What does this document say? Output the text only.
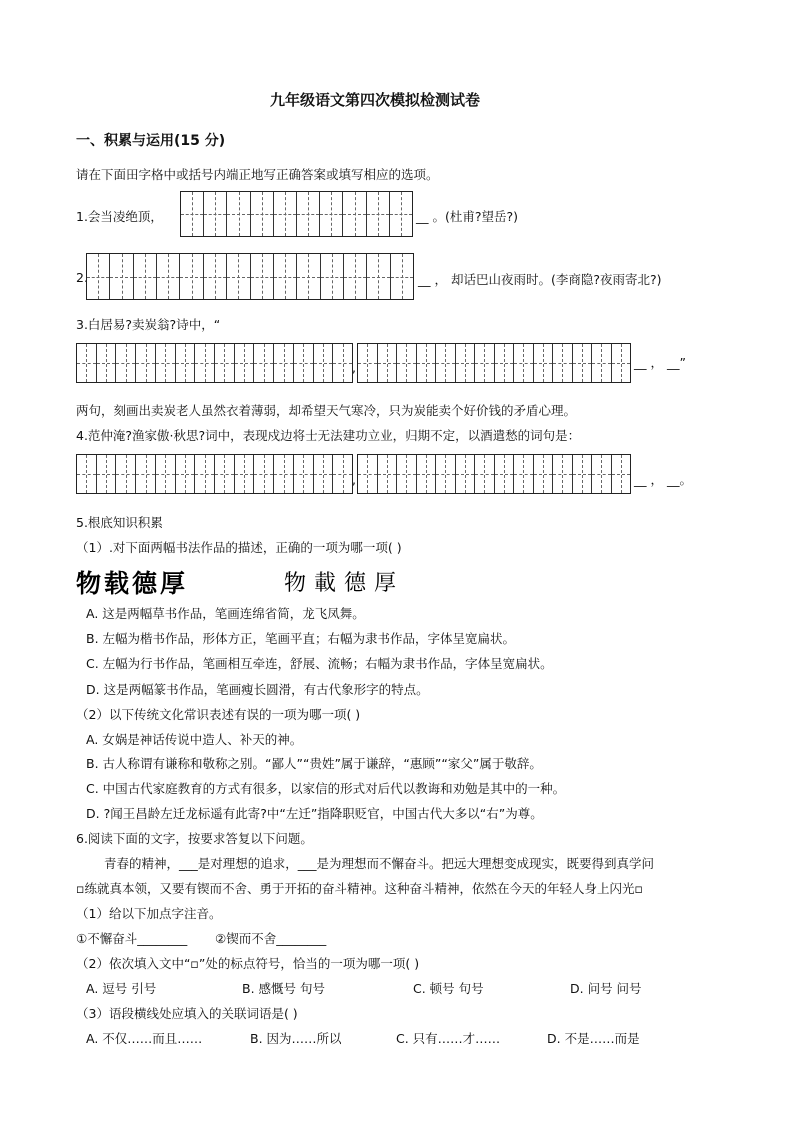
九年级语文第四次模拟检测试卷
一、积累与运用(15 分)
请在下面田字格中或括号内端正地写正确答案或填写相应的选项。
1.会当凌绝顶，	__ 。(杜甫?望岳?)
2.	__ ， 却话巴山夜雨时。(李商隐?夜雨寄北?)
3.白居易?卖炭翁?诗中，“
,	__ ， __”
两句，刻画出卖炭老人虽然衣着薄弱，却希望天气寒冷，只为炭能卖个好价钱的矛盾心理。
4.范仲淹?渔家傲·秋思?词中，表现戍边将士无法建功立业，归期不定，以酒遣愁的词句是：
,	__ ， __。
5.根底知识积累
（1）.对下面两幅书法作品的描述，正确的一项为哪一项( )
物载德厚	物載德厚
A. 这是两幅草书作品，笔画连绵省简，龙飞凤舞。
B. 左幅为楷书作品，形体方正，笔画平直；右幅为隶书作品，字体呈宽扁状。
C. 左幅为行书作品，笔画相互牵连，舒展、流畅；右幅为隶书作品，字体呈宽扁状。
D. 这是两幅篆书作品，笔画瘦长圆滑，有古代象形字的特点。
（2）以下传统文化常识表述有误的一项为哪一项( )
A. 女娲是神话传说中造人、补天的神。
B. 古人称谓有谦称和敬称之别。“鄙人”“贵姓”属于谦辞，“惠顾”“家父”属于敬辞。
C. 中国古代家庭教育的方式有很多，以家信的形式对后代以教诲和劝勉是其中的一种。
D. ?闻王昌龄左迁龙标遥有此寄?中“左迁”指降职贬官，中国古代大多以“右”为尊。
6.阅读下面的文字，按要求答复以下问题。
青春的精神，___是对理想的追求，___是为理想而不懈奋斗。把远大理想变成现实，既要得到真学问
▫练就真本领，又要有锲而不舍、勇于开拓的奋斗精神。这种奋斗精神，依然在今天的年轻人身上闪光▫
（1）给以下加点字注音。
①不懈奋斗________ ②锲而不舍________
（2）依次填入文中“▫”处的标点符号，恰当的一项为哪一项( )
A. 逗号 引号	B. 感慨号 句号	C. 顿号 句号	D. 问号 问号
（3）语段横线处应填入的关联词语是( )
A. 不仅……而且……	B. 因为……所以	C. 只有……才……	D. 不是……而是
